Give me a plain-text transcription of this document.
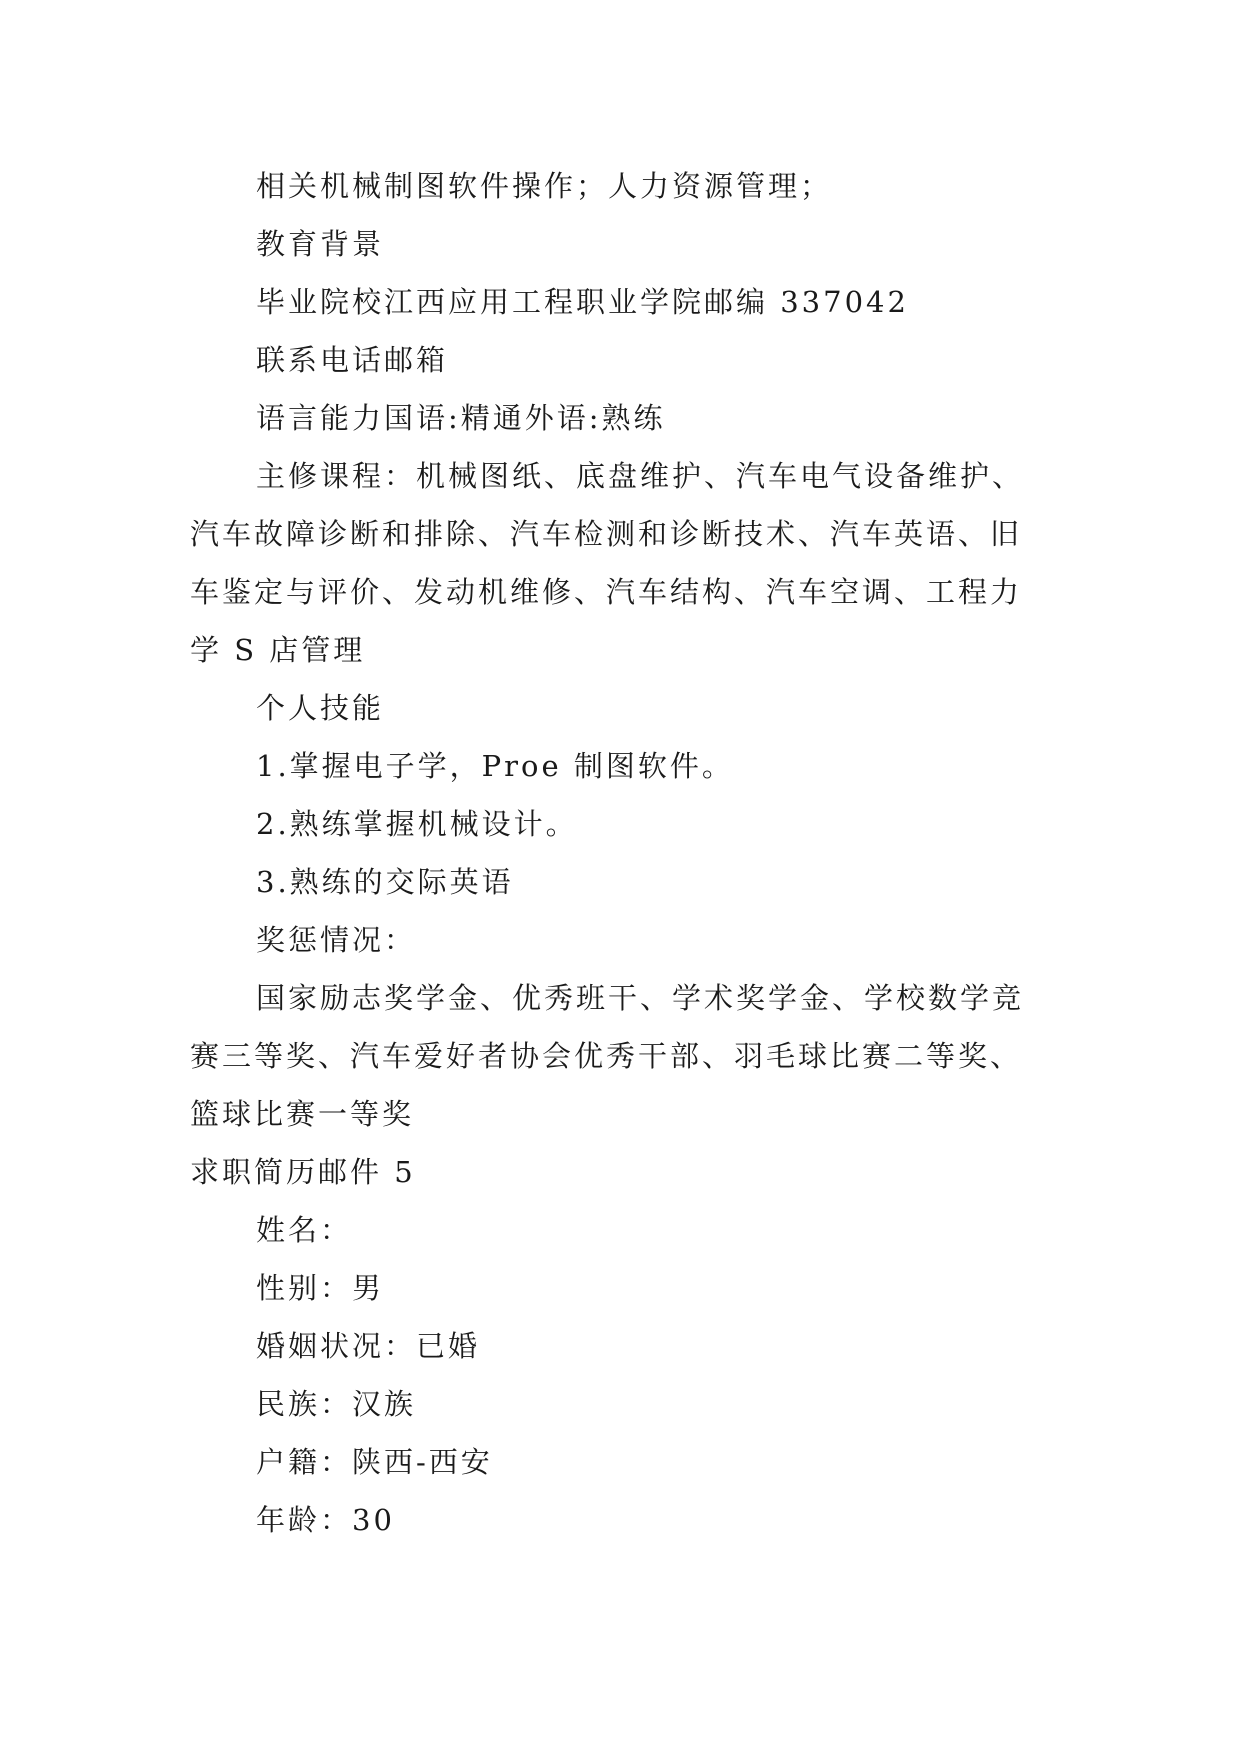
相关机械制图软件操作；人力资源管理；
教育背景
毕业院校江西应用工程职业学院邮编 337042
联系电话邮箱
语言能力国语:精通外语:熟练
主修课程：机械图纸、底盘维护、汽车电气设备维护、
汽车故障诊断和排除、汽车检测和诊断技术、汽车英语、旧
车鉴定与评价、发动机维修、汽车结构、汽车空调、工程力
学 S 店管理
个人技能
1.掌握电子学，Proe 制图软件。
2.熟练掌握机械设计。
3.熟练的交际英语
奖惩情况：
国家励志奖学金、优秀班干、学术奖学金、学校数学竞
赛三等奖、汽车爱好者协会优秀干部、羽毛球比赛二等奖、
篮球比赛一等奖
求职简历邮件 5
姓名：
性别：男
婚姻状况：已婚
民族：汉族
户籍：陕西-西安
年龄：30
